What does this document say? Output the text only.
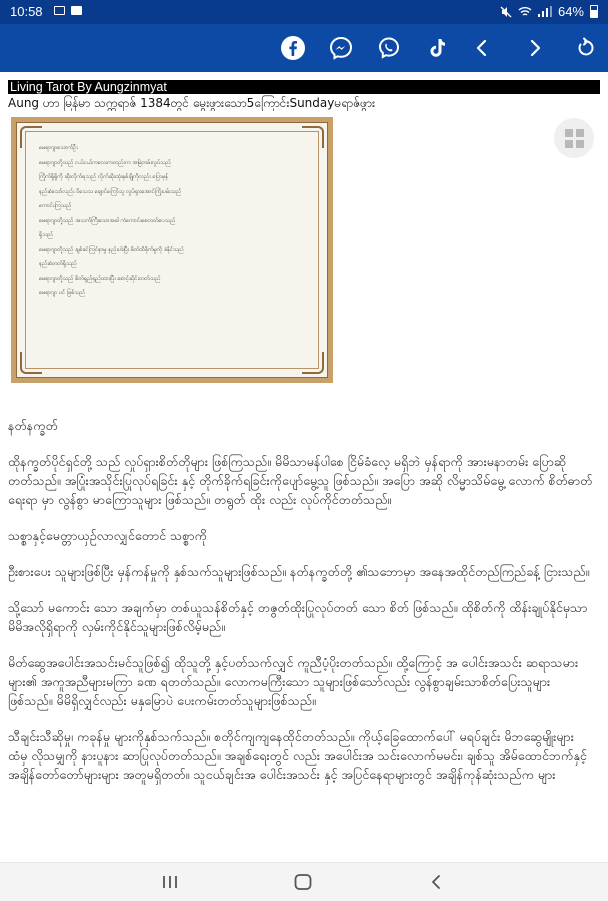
10:58	64%
Living Tarot By Aungzinmyat
Aung ဟာ မြန်မာ သက္ကရာဇ် 1384တွင် မွေးဖွားသော5ကြောင်းSundayမရာဇ်ဖွား
မေရာဂျာသောက်ဦး
မေရာဂျာတို့သည် ငယ်ငယ်ကလေးကတည်းက အမြဲတမ်းလှုပ်သည်
ကြိုက်ရှိရှိကို ဆိုးလိုက်ရသည် လိုက်ဆိုးထုံးနှစ်ချိုကိုလည်း ပြောမှန်
နည်းစံသော်လည်း ဝိသေသ ချောင်ကြော်သူ လှုပ်ရှားအောင်ကြိုးပမ်းသည်
ကောင်းကြသည်
မေရာဂျာတို့သည် အသက်ကြီးသောအခါ ကံကောင်းစေတတ်ပေသည်
ရှိသည်
မေရာဂျာတို့သည် ချစ်ခင်ကြင်နာမှု နည်းပါးပြီး စိတ်ထိခိုက်မှုကို ခံနိုင်သည်
နည်းစံတတ်ရှိသည်
မေရာဂျာတို့သည် စိတ်ရှည်ရှည်ထားပြီး စောင့်ဆိုင်းတတ်သည်
မေရာဂျာ ပင် ဖြစ်သည်

နတ်နက္ခတ်

ထိုနက္ခတ်ပိုင်ရှင်တို့ သည် လှုပ်ရှားစိတ်တိုများ ဖြစ်ကြသည်။ မိမိသာမန်ပါစေ ငြိမ်ခံလေ့ မရှိဘဲ မှန်ရာကို အားမနာတမ်း ပြောဆိုတတ်သည်။ အပြုံးအသိုင်းပြုလုပ်ရခြင်း နှင့် တိုက်ခိုက်ရခြင်းကိုပျော်မွေ့သူ ဖြစ်သည်။ အပြော အဆို လိမ္မာသိမ်မွေ့ လောက် စိတ်ဓာတ်ရေးရာ မှာ လွန်စွာ မာကြောသူများ ဖြစ်သည်။ တရွတ် ထိုး လည်း လုပ်ကိုင်တတ်သည်။

သစ္စာနှင့်မေတ္တာယှဉ်လာလျှင်တောင် သစ္စာကို

ဦးစားပေး သူများဖြစ်ပြီး မှန်ကန်မှုကို နှစ်သက်သူများဖြစ်သည်။ နတ်နက္ခတ်တို့ ၏သဘောမှာ အနေအထိုင်တည်ကြည်ခန့် ငြားသည်။

သို့သော် မကောင်း သော အချက်မှာ တစ်ယူသန်စိတ်နှင့် တဇွတ်ထိုးပြုလုပ်တတ် သော စိတ် ဖြစ်သည်။ ထိုစိတ်ကို ထိန်းချုပ်နိုင်မှသာ မိမိအလိုရှိရာကို လှမ်းကိုင်နိုင်သူများဖြစ်လိမ့်မည်။

မိတ်ဆွေအပေါင်းအသင်းမင်သူဖြစ်၍ ထိုသူတို့ နှင့်ပတ်သက်လျှင် ကူညီပံ့ပိုးတတ်သည်။ ထို့ကြောင့် အ ပေါင်းအသင်း ဆရာသမားများ၏ အကူအညီများမကြာ ခဏ ရတတ်သည်။ လောကမကြီးသော သူများဖြစ်သော်လည်း လွန်စွာချမ်းသာစိတ်ပြေးသူများဖြစ်သည်။ မိမိရှိလျှင်လည်း မနှမြောပဲ ပေးကမ်းတတ်သူများဖြစ်သည်။

သီချင်းသီဆိုမှု၊ ကခုန်မှု များကိုနှစ်သက်သည်။ စတိုင်ကျကျနေထိုင်တတ်သည်။ ကိုယ့်ခြေထောက်ပေါ် မရပ်ချင်း မိဘဆွေမျိုးများထံမှ လိုသမျှကို နားပူနား ဆာပြုလုပ်တတ်သည်။ အချစ်ရေးတွင် လည်း အပေါင်းအ သင်းလောက်မမင်း၊ ချစ်သူ အိမ်ထောင်ဘက်နှင့် အချိန်တော်တော်များများ အတူမရှိတတ်။ သူငယ်ချင်းအ ပေါင်းအသင်း နှင့် အပြင်နေရာများတွင် အချိန်ကုန်ဆုံးသည်က များ
